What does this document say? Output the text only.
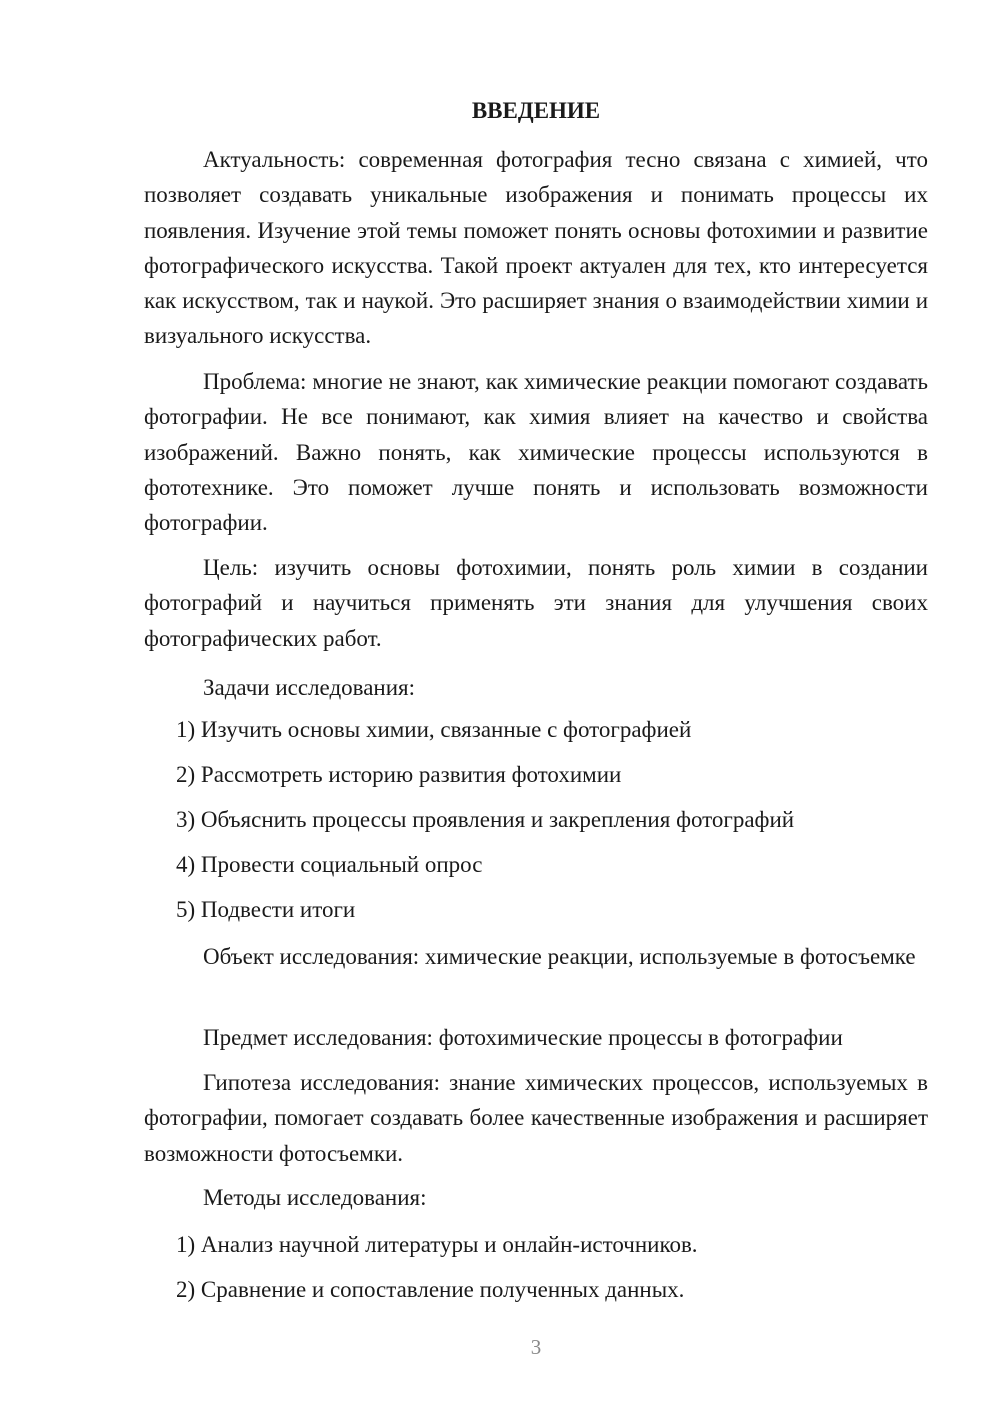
ВВЕДЕНИЕ

Актуальность: современная фотография тесно связана с химией, что позволяет создавать уникальные изображения и понимать процессы их появления. Изучение этой темы поможет понять основы фотохимии и развитие фотографического искусства. Такой проект актуален для тех, кто интересуется как искусством, так и наукой. Это расширяет знания о взаимодействии химии и визуального искусства.

Проблема: многие не знают, как химические реакции помогают создавать фотографии. Не все понимают, как химия влияет на качество и свойства изображений. Важно понять, как химические процессы используются в фототехнике. Это поможет лучше понять и использовать возможности фотографии.

Цель: изучить основы фотохимии, понять роль химии в создании фотографий и научиться применять эти знания для улучшения своих фотографических работ.

Задачи исследования:

1) Изучить основы химии, связанные с фотографией

2) Рассмотреть историю развития фотохимии

3) Объяснить процессы проявления и закрепления фотографий

4) Провести социальный опрос

5) Подвести итоги

Объект исследования: химические реакции, используемые в фотосъемке

Предмет исследования: фотохимические процессы в фотографии

Гипотеза исследования: знание химических процессов, используемых в фотографии, помогает создавать более качественные изображения и расширяет возможности фотосъемки.

Методы исследования:

1) Анализ научной литературы и онлайн-источников.

2) Сравнение и сопоставление полученных данных.

3
